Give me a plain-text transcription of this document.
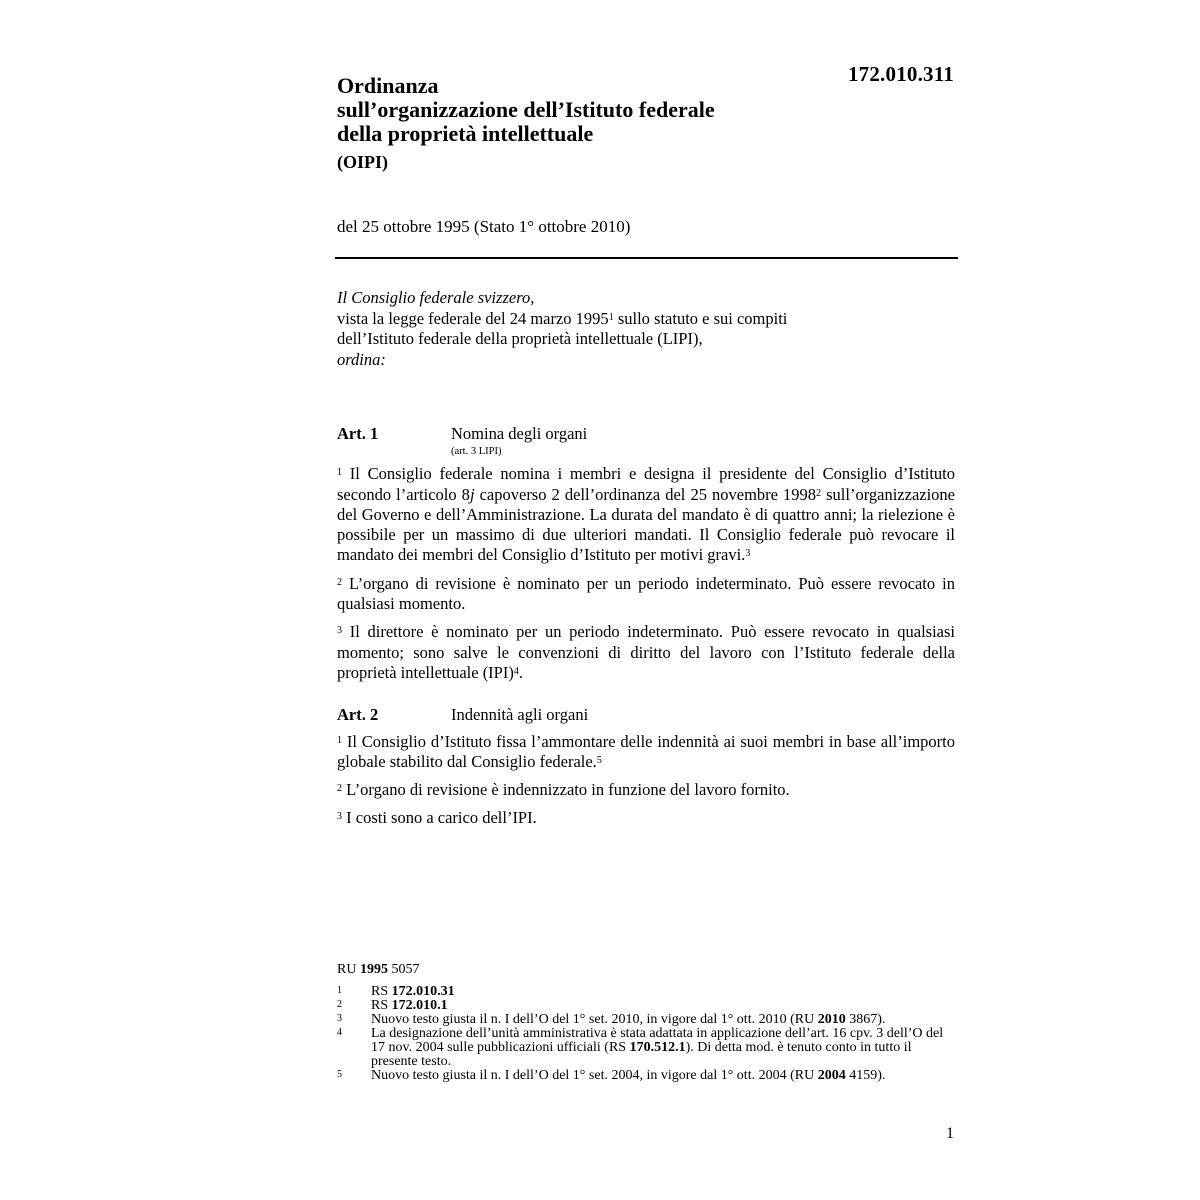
172.010.311
Ordinanza
sull’organizzazione dell’Istituto federale
della proprietà intellettuale
(OIPI)
del 25 ottobre 1995 (Stato 1° ottobre 2010)
Il Consiglio federale svizzero,
vista la legge federale del 24 marzo 1995$^1$ sullo statuto e sui compiti
dell’Istituto federale della proprietà intellettuale (LIPI),
ordina:
Art. 1	Nomina degli organi
(art. 3 LIPI)
$^1$ Il Consiglio federale nomina i membri e designa il presidente del Consiglio d’Istituto secondo l’articolo 8j capoverso 2 dell’ordinanza del 25 novembre 1998$^2$ sull’organizzazione del Governo e dell’Amministrazione. La durata del mandato è di quattro anni; la rielezione è possibile per un massimo di due ulteriori mandati. Il Consiglio federale può revocare il mandato dei membri del Consiglio d’Istituto per motivi gravi.$^3$
$^2$ L’organo di revisione è nominato per un periodo indeterminato. Può essere revocato in qualsiasi momento.
$^3$ Il direttore è nominato per un periodo indeterminato. Può essere revocato in qualsiasi momento; sono salve le convenzioni di diritto del lavoro con l’Istituto federale della proprietà intellettuale (IPI)$^4$.
Art. 2	Indennità agli organi
$^1$ Il Consiglio d’Istituto fissa l’ammontare delle indennità ai suoi membri in base all’importo globale stabilito dal Consiglio federale.$^5$
$^2$ L’organo di revisione è indennizzato in funzione del lavoro fornito.
$^3$ I costi sono a carico dell’IPI.
RU 1995 5057
1	RS 172.010.31
2	RS 172.010.1
3	Nuovo testo giusta il n. I dell’O del 1° set. 2010, in vigore dal 1° ott. 2010 (RU 2010 3867).
4	La designazione dell’unità amministrativa è stata adattata in applicazione dell’art. 16 cpv. 3 dell’O del 17 nov. 2004 sulle pubblicazioni ufficiali (RS 170.512.1). Di detta mod. è tenuto conto in tutto il presente testo.
5	Nuovo testo giusta il n. I dell’O del 1° set. 2004, in vigore dal 1° ott. 2004 (RU 2004 4159).
1
